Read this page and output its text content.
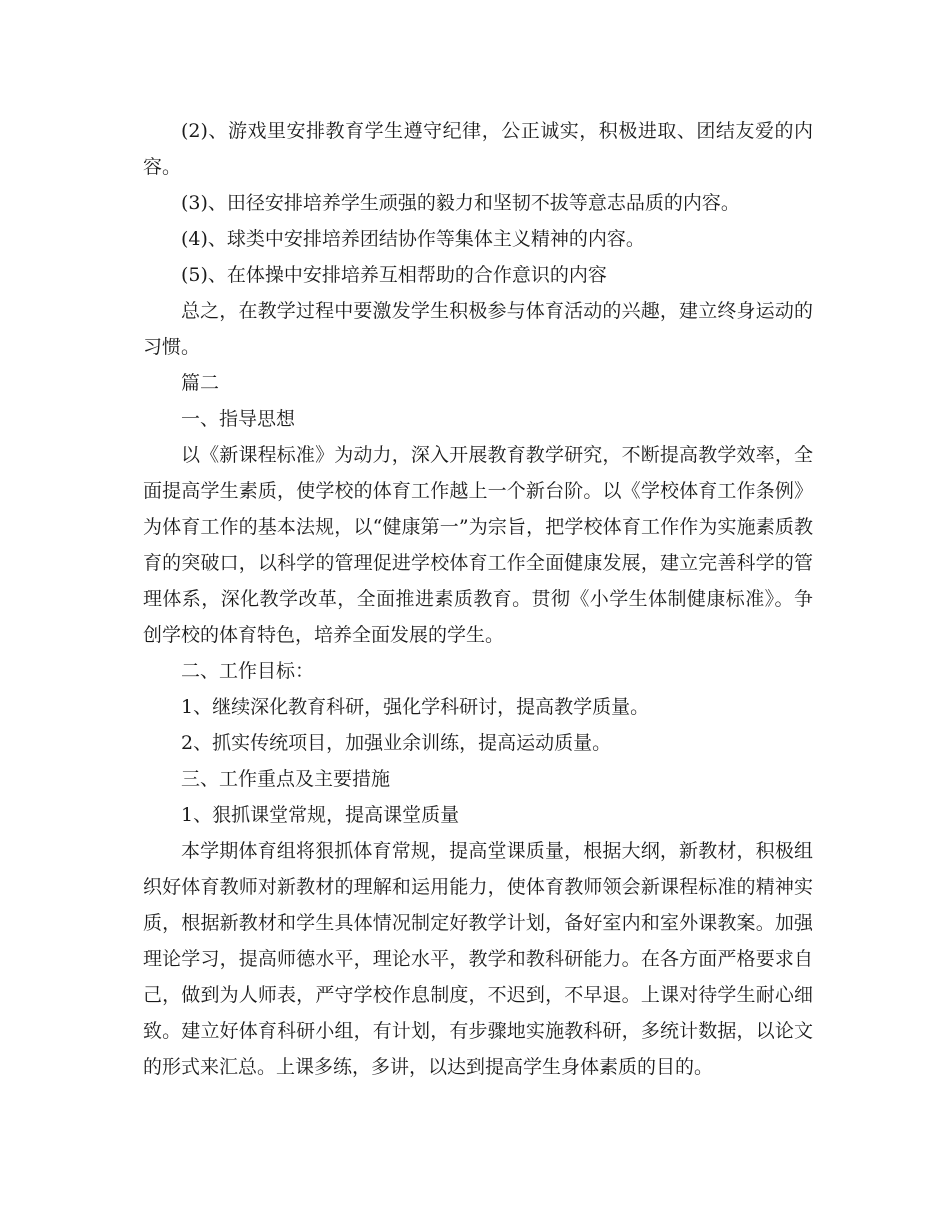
(2)、游戏里安排教育学生遵守纪律，公正诚实，积极进取、团结友爱的内容。

(3)、田径安排培养学生顽强的毅力和坚韧不拔等意志品质的内容。

(4)、球类中安排培养团结协作等集体主义精神的内容。

(5)、在体操中安排培养互相帮助的合作意识的内容

总之，在教学过程中要激发学生积极参与体育活动的兴趣，建立终身运动的习惯。

篇二

一、指导思想

以《新课程标准》为动力，深入开展教育教学研究，不断提高教学效率，全面提高学生素质，使学校的体育工作越上一个新台阶。以《学校体育工作条例》为体育工作的基本法规，以“健康第一”为宗旨，把学校体育工作作为实施素质教育的突破口，以科学的管理促进学校体育工作全面健康发展，建立完善科学的管理体系，深化教学改革，全面推进素质教育。贯彻《小学生体制健康标准》。争创学校的体育特色，培养全面发展的学生。

二、工作目标：

1、继续深化教育科研，强化学科研讨，提高教学质量。

2、抓实传统项目，加强业余训练，提高运动质量。

三、工作重点及主要措施

1、狠抓课堂常规，提高课堂质量

本学期体育组将狠抓体育常规，提高堂课质量，根据大纲，新教材，积极组织好体育教师对新教材的理解和运用能力，使体育教师领会新课程标准的精神实质，根据新教材和学生具体情况制定好教学计划，备好室内和室外课教案。加强理论学习，提高师德水平，理论水平，教学和教科研能力。在各方面严格要求自己，做到为人师表，严守学校作息制度，不迟到，不早退。上课对待学生耐心细致。建立好体育科研小组，有计划，有步骤地实施教科研，多统计数据，以论文的形式来汇总。上课多练，多讲，以达到提高学生身体素质的目的。
